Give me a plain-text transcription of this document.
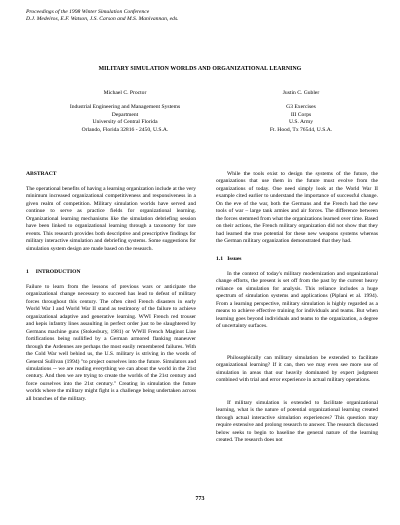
Proceedings of the 1998 Winter Simulation Conference
D.J. Medeiros, E.F. Watson, J.S. Carson and M.S. Manivannan, eds.
MILITARY SIMULATION WORLDS AND ORGANIZATIONAL LEARNING
Michael C. Proctor
Industrial Engineering and Management Systems
Department
University of Central Florida
Orlando, Florida 32816 - 2450, U.S.A.
Justin C. Gubler
G3 Exercises
III Corps
U.S. Army
Ft. Hood, Tx 76544, U.S.A.
ABSTRACT
The operational benefits of having a learning organization include at the very minimum increased organizational competitiveness and responsiveness in a given realm of competition. Military simulation worlds have served and continue to serve as practice fields for organizational learning. Organizational learning mechanisms like the simulation debriefing session have been linked to organizational learning through a taxonomy for rare events. This research provides both descriptive and prescriptive findings for military interactive simulation and debriefing systems. Some suggestions for simulation system design are made based on the research.
1     INTRODUCTION
Failure to learn from the lessons of previous wars or anticipate the organizational change necessary to succeed has lead to defeat of military forces throughout this century. The often cited French disasters in early World War I and World War II stand as testimony of the failure to achieve organizational adaptive and generative learning. WWI French red trouser and kepis infantry lines assaulting in perfect order just to be slaughtered by Germans machine guns (Stokesbury, 1981) or WWII French Maginot Line fortifications being nullified by a German armored flanking maneuver through the Ardennes are perhaps the most easily remembered failures. With the Cold War well behind us, the U.S. military is striving in the words of General Sullivan (1994) "to project ourselves into the future. Simulators and simulations -- we are reading everything we can about the world in the 21st century. And then we are trying to create the worlds of the 21st century and force ourselves into the 21st century." Creating in simulation the future worlds where the military might fight is a challenge being undertaken across all branches of the military.
While the tools exist to design the systems of the future, the organizations that use them in the future must evolve from the organizations of today. One need simply look at the World War II example cited earlier to understand the importance of successful change. On the eve of the war, both the Germans and the French had the new tools of war – large tank armies and air forces. The difference between the forces stemmed from what the organizations learned over time. Based on their actions, the French military organization did not show that they had learned the true potential for these new weapons systems whereas the German military organization demonstrated that they had.
1.1   Issues
In the context of today's military modernization and organizational change efforts, the present is set off from the past by the current heavy reliance on simulation for analysis. This reliance includes a huge spectrum of simulation systems and applications (Piplani et al. 1994). From a learning perspective, military simulation is highly regarded as a means to achieve effective training for individuals and teams. But when learning goes beyond individuals and teams to the organization, a degree of uncertainty surfaces.
Philosophically can military simulation be extended to facilitate organizational learning? If it can, then we may even see more use of simulation in areas that our heavily dominated by expert judgment combined with trial and error experience in actual military operations.
If military simulation is extended to facilitate organizational learning, what is the nature of potential organizational learning created through actual interactive simulation experiences? This question may require extensive and prolong research to answer. The research discussed below seeks to begin to baseline the general nature of the learning created. The research does not
773
